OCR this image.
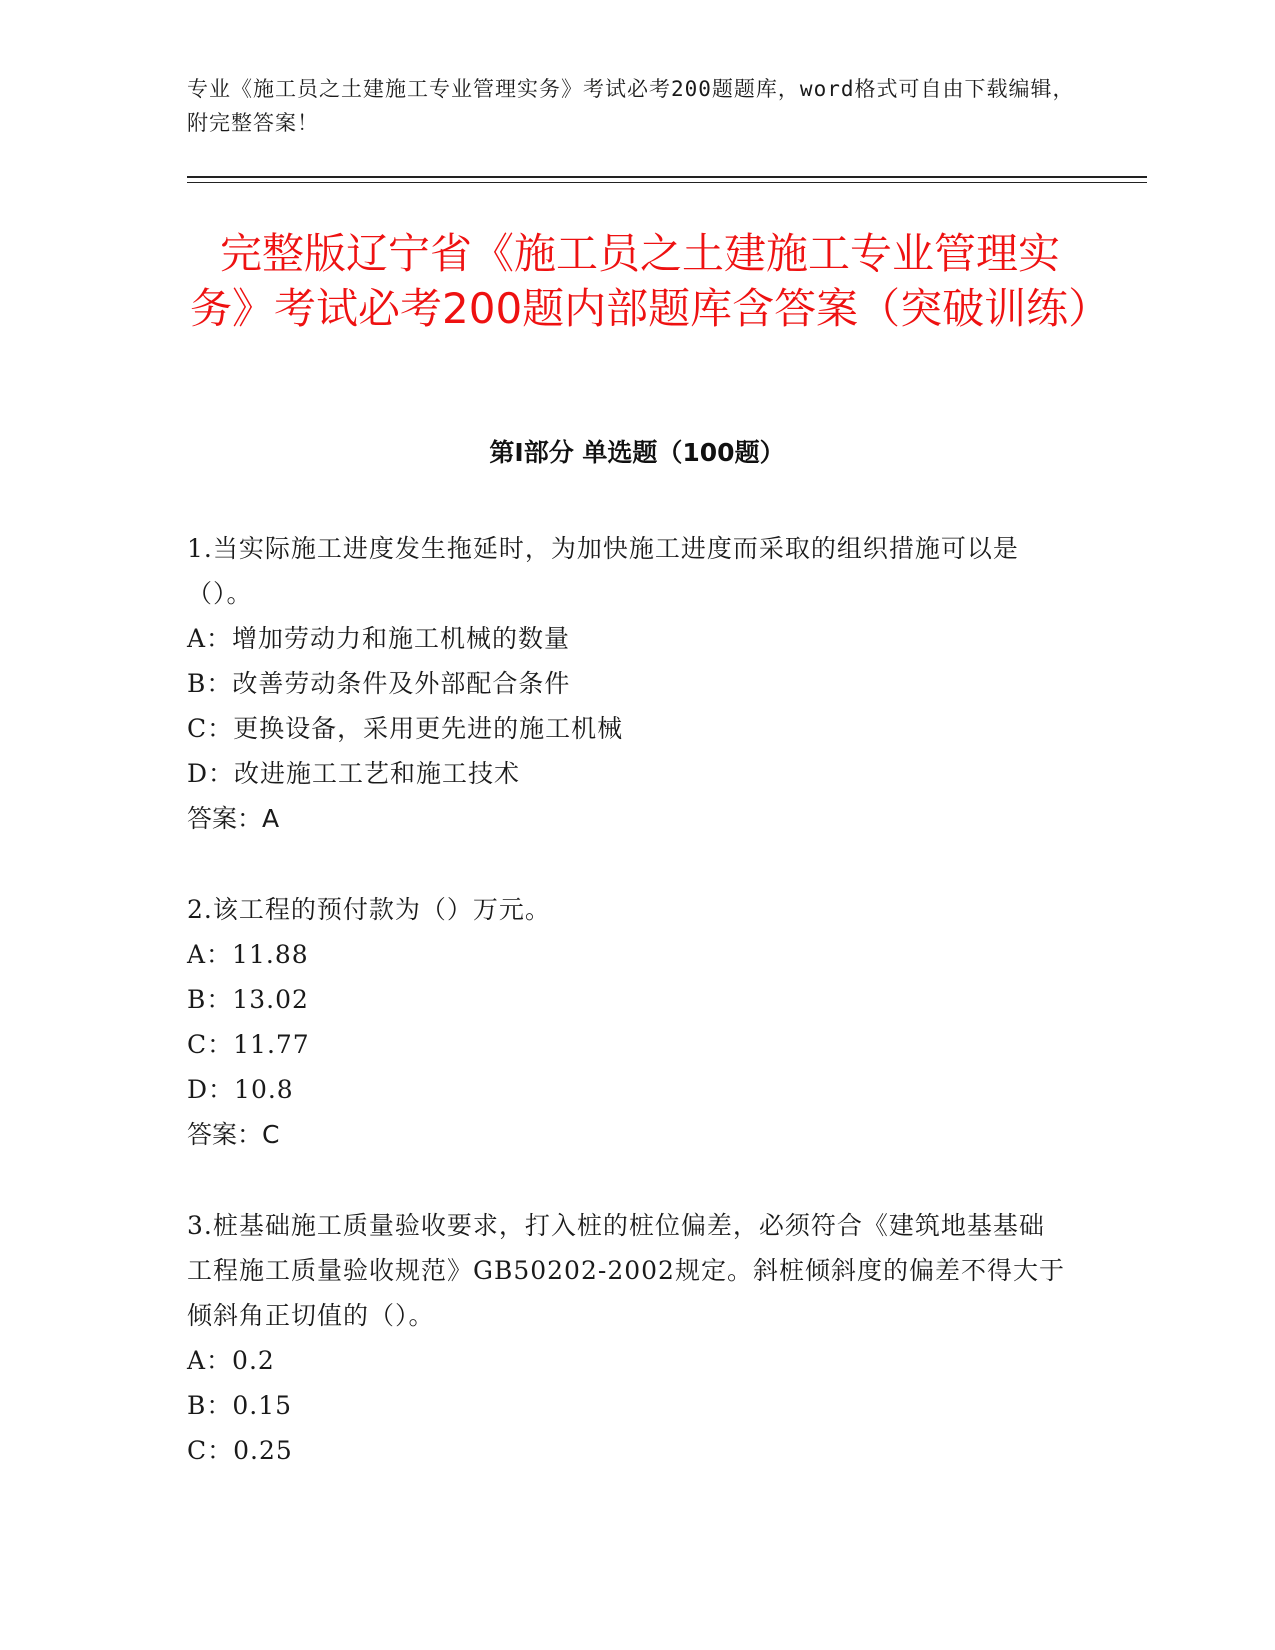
专业《施工员之土建施工专业管理实务》考试必考200题题库，word格式可自由下载编辑，附完整答案！
完整版辽宁省《施工员之土建施工专业管理实务》考试必考200题内部题库含答案（突破训练）
第I部分 单选题（100题）

1.当实际施工进度发生拖延时，为加快施工进度而采取的组织措施可以是（）。

A：增加劳动力和施工机械的数量

B：改善劳动条件及外部配合条件

C：更换设备，采用更先进的施工机械

D：改进施工工艺和施工技术

答案：A

2.该工程的预付款为（）万元。

A：11.88

B：13.02

C：11.77

D：10.8

答案：C

3.桩基础施工质量验收要求，打入桩的桩位偏差，必须符合《建筑地基基础工程施工质量验收规范》GB50202-2002规定。斜桩倾斜度的偏差不得大于倾斜角正切值的（）。

A：0.2

B：0.15

C：0.25
